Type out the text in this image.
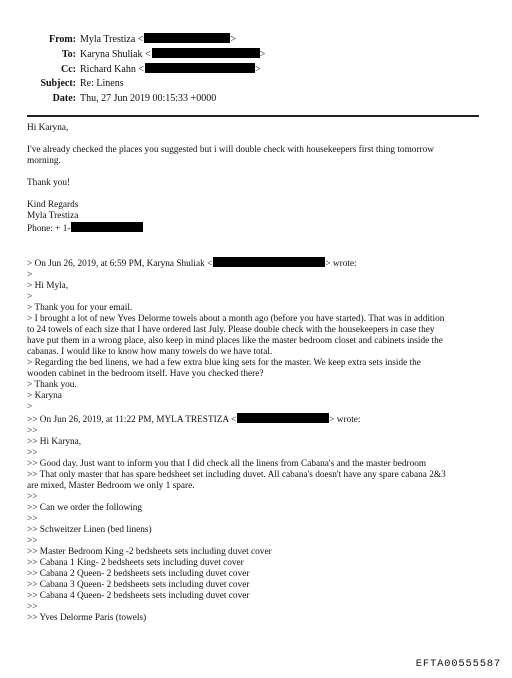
From: Myla Trestiza <	>
To: Karyna Shuliak <	>
Cc: Richard Kahn <	>
Subject: Re: Linens
Date: Thu, 27 Jun 2019 00:15:33 +0000

Hi Karyna,

I've already checked the places you suggested but i will double check with housekeepers first thing tomorrow

morning.

Thank you!

Kind Regards

Myla Trestiza

Phone: + 1-

> On Jun 26, 2019, at 6:59 PM, Karyna Shuliak <	> wrote:

>

> Hi Myla,

>

> Thank you for your email.

> I brought a lot of new Yves Delorme towels about a month ago (before you have started). That was in addition

to 24 towels of each size that I have ordered last July. Please double check with the housekeepers in case they

have put them in a wrong place, also keep in mind places like the master bedroom closet and cabinets inside the

cabanas. I would like to know how many towels do we have total.

> Regarding the bed linens, we had a few extra blue king sets for the master. We keep extra sets inside the

wooden cabinet in the bedroom itself. Have you checked there?

> Thank you.

> Karyna

>

>> On Jun 26, 2019, at 11:22 PM, MYLA TRESTIZA <	> wrote:

>>

>> Hi Karyna,

>>

>> Good day. Just want to inform you that I did check all the linens from Cabana's and the master bedroom

>> That only master that has spare bedsheet set including duvet. All cabana's doesn't have any spare cabana 2&3

are mixed, Master Bedroom we only 1 spare.

>>

>> Can we order the following

>>

>> Schweitzer Linen (bed linens)

>>

>> Master Bedroom King -2 bedsheets sets including duvet cover

>> Cabana 1 King- 2 bedsheets sets including duvet cover

>> Cabana 2 Queen- 2 bedsheets sets including duvet cover

>> Cabana 3 Queen- 2 bedsheets sets including duvet cover

>> Cabana 4 Queen- 2 bedsheets sets including duvet cover

>>

>> Yves Delorme Paris (towels)

EFTA00555587
